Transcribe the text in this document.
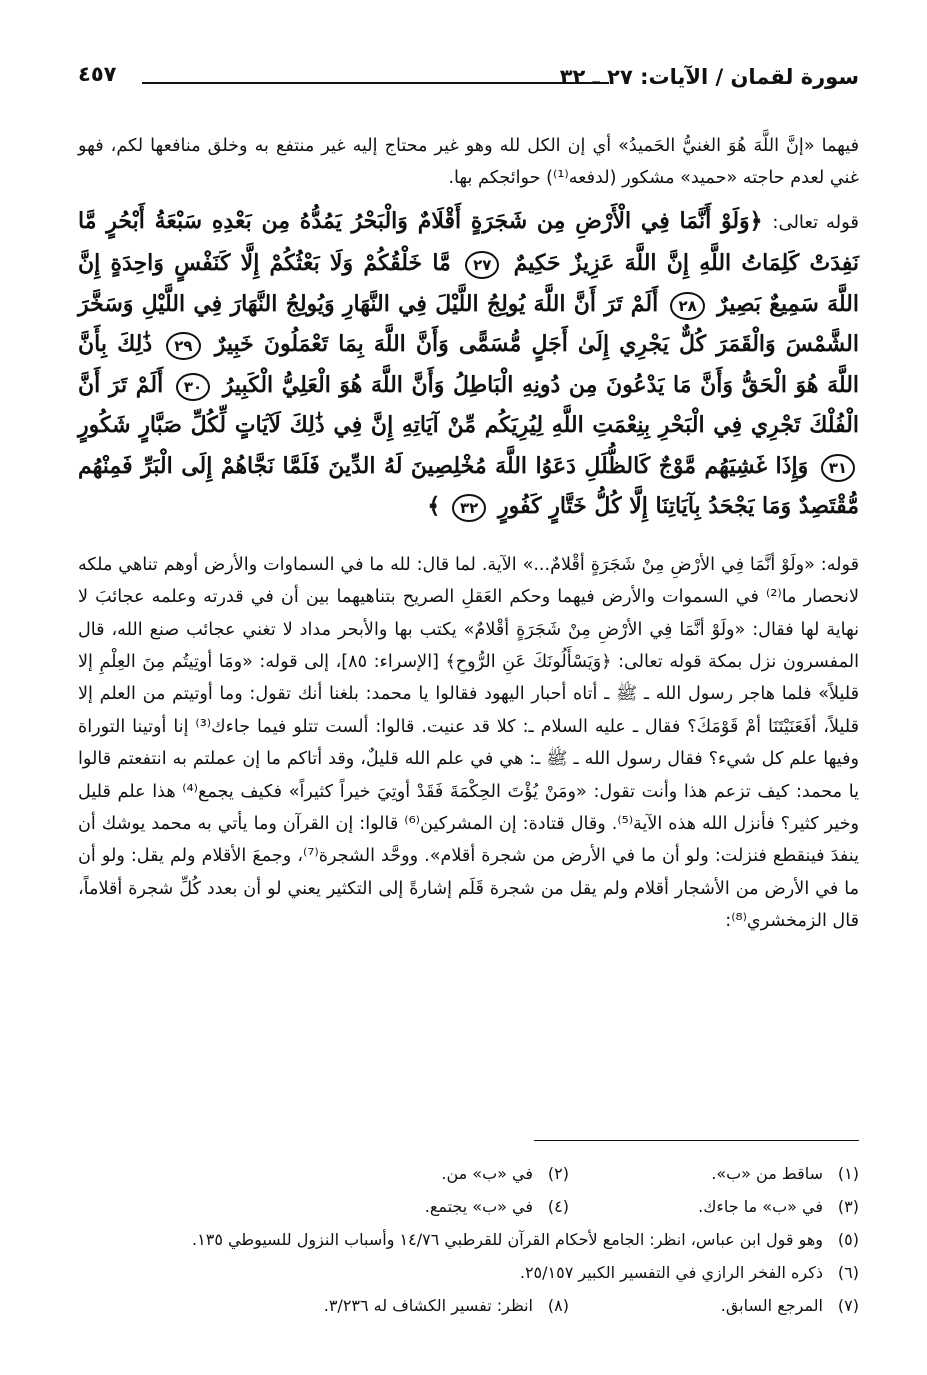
سورة لقمان / الآيات: ٢٧ ـ ٣٢
٤٥٧

فيهما «إنَّ اللَّهَ هُوَ الغنيُّ الحَميدُ» أي إن الكل لله وهو غير محتاج إليه غير منتفع به وخلق منافعها لكم، فهو غني لعدم حاجته «حميد» مشكور (لدفعه⁽¹⁾) حوائجكم بها.

قوله تعالى: ﴿وَلَوْ أَنَّمَا فِي الْأَرْضِ مِن شَجَرَةٍ أَقْلَامٌ وَالْبَحْرُ يَمُدُّهُ مِن بَعْدِهِ سَبْعَةُ أَبْحُرٍ مَّا نَفِدَتْ كَلِمَاتُ اللَّهِ إِنَّ اللَّهَ عَزِيزٌ حَكِيمٌ ٢٧ مَّا خَلْقُكُمْ وَلَا بَعْثُكُمْ إِلَّا كَنَفْسٍ وَاحِدَةٍ إِنَّ اللَّهَ سَمِيعٌ بَصِيرٌ ٢٨ أَلَمْ تَرَ أَنَّ اللَّهَ يُولِجُ اللَّيْلَ فِي النَّهَارِ وَيُولِجُ النَّهَارَ فِي اللَّيْلِ وَسَخَّرَ الشَّمْسَ وَالْقَمَرَ كُلٌّ يَجْرِي إِلَىٰ أَجَلٍ مُّسَمًّى وَأَنَّ اللَّهَ بِمَا تَعْمَلُونَ خَبِيرٌ ٢٩ ذَٰلِكَ بِأَنَّ اللَّهَ هُوَ الْحَقُّ وَأَنَّ مَا يَدْعُونَ مِن دُونِهِ الْبَاطِلُ وَأَنَّ اللَّهَ هُوَ الْعَلِيُّ الْكَبِيرُ ٣٠ أَلَمْ تَرَ أَنَّ الْفُلْكَ تَجْرِي فِي الْبَحْرِ بِنِعْمَتِ اللَّهِ لِيُرِيَكُم مِّنْ آيَاتِهِ إِنَّ فِي ذَٰلِكَ لَآيَاتٍ لِّكُلِّ صَبَّارٍ شَكُورٍ ٣١ وَإِذَا غَشِيَهُم مَّوْجٌ كَالظُّلَلِ دَعَوُا اللَّهَ مُخْلِصِينَ لَهُ الدِّينَ فَلَمَّا نَجَّاهُمْ إِلَى الْبَرِّ فَمِنْهُم مُّقْتَصِدٌ وَمَا يَجْحَدُ بِآيَاتِنَا إِلَّا كُلُّ خَتَّارٍ كَفُورٍ ٣٢ ﴾

قوله: «ولَوْ أنَّمَا فِي الأرْضِ مِنْ شَجَرَةٍ أقْلامٌ...» الآية. لما قال: لله ما في السماوات والأرض أوهم تناهي ملكه لانحصار ما⁽²⁾ في السموات والأرض فيهما وحكم العَقلِ الصريح بتناهيهما بين أن في قدرته وعلمه عجائبَ لا نهاية لها فقال: «ولَوْ أنَّمَا فِي الأرْضِ مِنْ شَجَرَةٍ أقْلامٌ» يكتب بها والأبحر مداد لا تغني عجائب صنع الله، قال المفسرون نزل بمكة قوله تعالى: ﴿وَيَسْأَلُونَكَ عَنِ الرُّوحِ﴾ [الإسراء: ٨٥]، إلى قوله: «ومَا أوتِيتُم مِنَ العِلْمِ إلا قليلاً» فلما هاجر رسول الله ـ ﷺ ـ أتاه أحبار اليهود فقالوا يا محمد: بلغنا أنك تقول: وما أوتيتم من العلم إلا قليلاً، أفَعَنَيْتَنَا أمْ قَوْمَكَ؟ فقال ـ عليه السلام ـ: كلا قد عنيت. قالوا: ألست تتلو فيما جاءك⁽³⁾ إنا أوتينا التوراة وفيها علم كل شيء؟ فقال رسول الله ـ ﷺ ـ: هي في علم الله قليلٌ، وقد أتاكم ما إن عملتم به انتفعتم قالوا يا محمد: كيف تزعم هذا وأنت تقول: «ومَنْ يُؤْتَ الحِكْمَةَ فَقَدْ أوتِيَ خيراً كثيراً» فكيف يجمع⁽⁴⁾ هذا علم قليل وخير كثير؟ فأنزل الله هذه الآية⁽⁵⁾. وقال قتادة: إن المشركين⁽⁶⁾ قالوا: إن القرآن وما يأتي به محمد يوشك أن ينفدَ فينقطع فنزلت: ولو أن ما في الأرض من شجرة أقلام». ووحَّد الشجرة⁽⁷⁾، وجمعَ الأقلام ولم يقل: ولو أن ما في الأرض من الأشجار أقلام ولم يقل من شجرة قَلَم إشارةً إلى التكثير يعني لو أن بعدد كُلِّ شجرة أقلاماً، قال الزمخشري⁽⁸⁾:

(١)ساقط من «ب».
(٢)في «ب» من.
(٣)في «ب» ما جاءك.
(٤)في «ب» يجتمع.
(٥)وهو قول ابن عباس، انظر: الجامع لأحكام القرآن للقرطبي ١٤/٧٦ وأسباب النزول للسيوطي ١٣٥.
(٦)ذكره الفخر الرازي في التفسير الكبير ٢٥/١٥٧.
(٧)المرجع السابق.
(٨)انظر: تفسير الكشاف له ٣/٢٣٦.
